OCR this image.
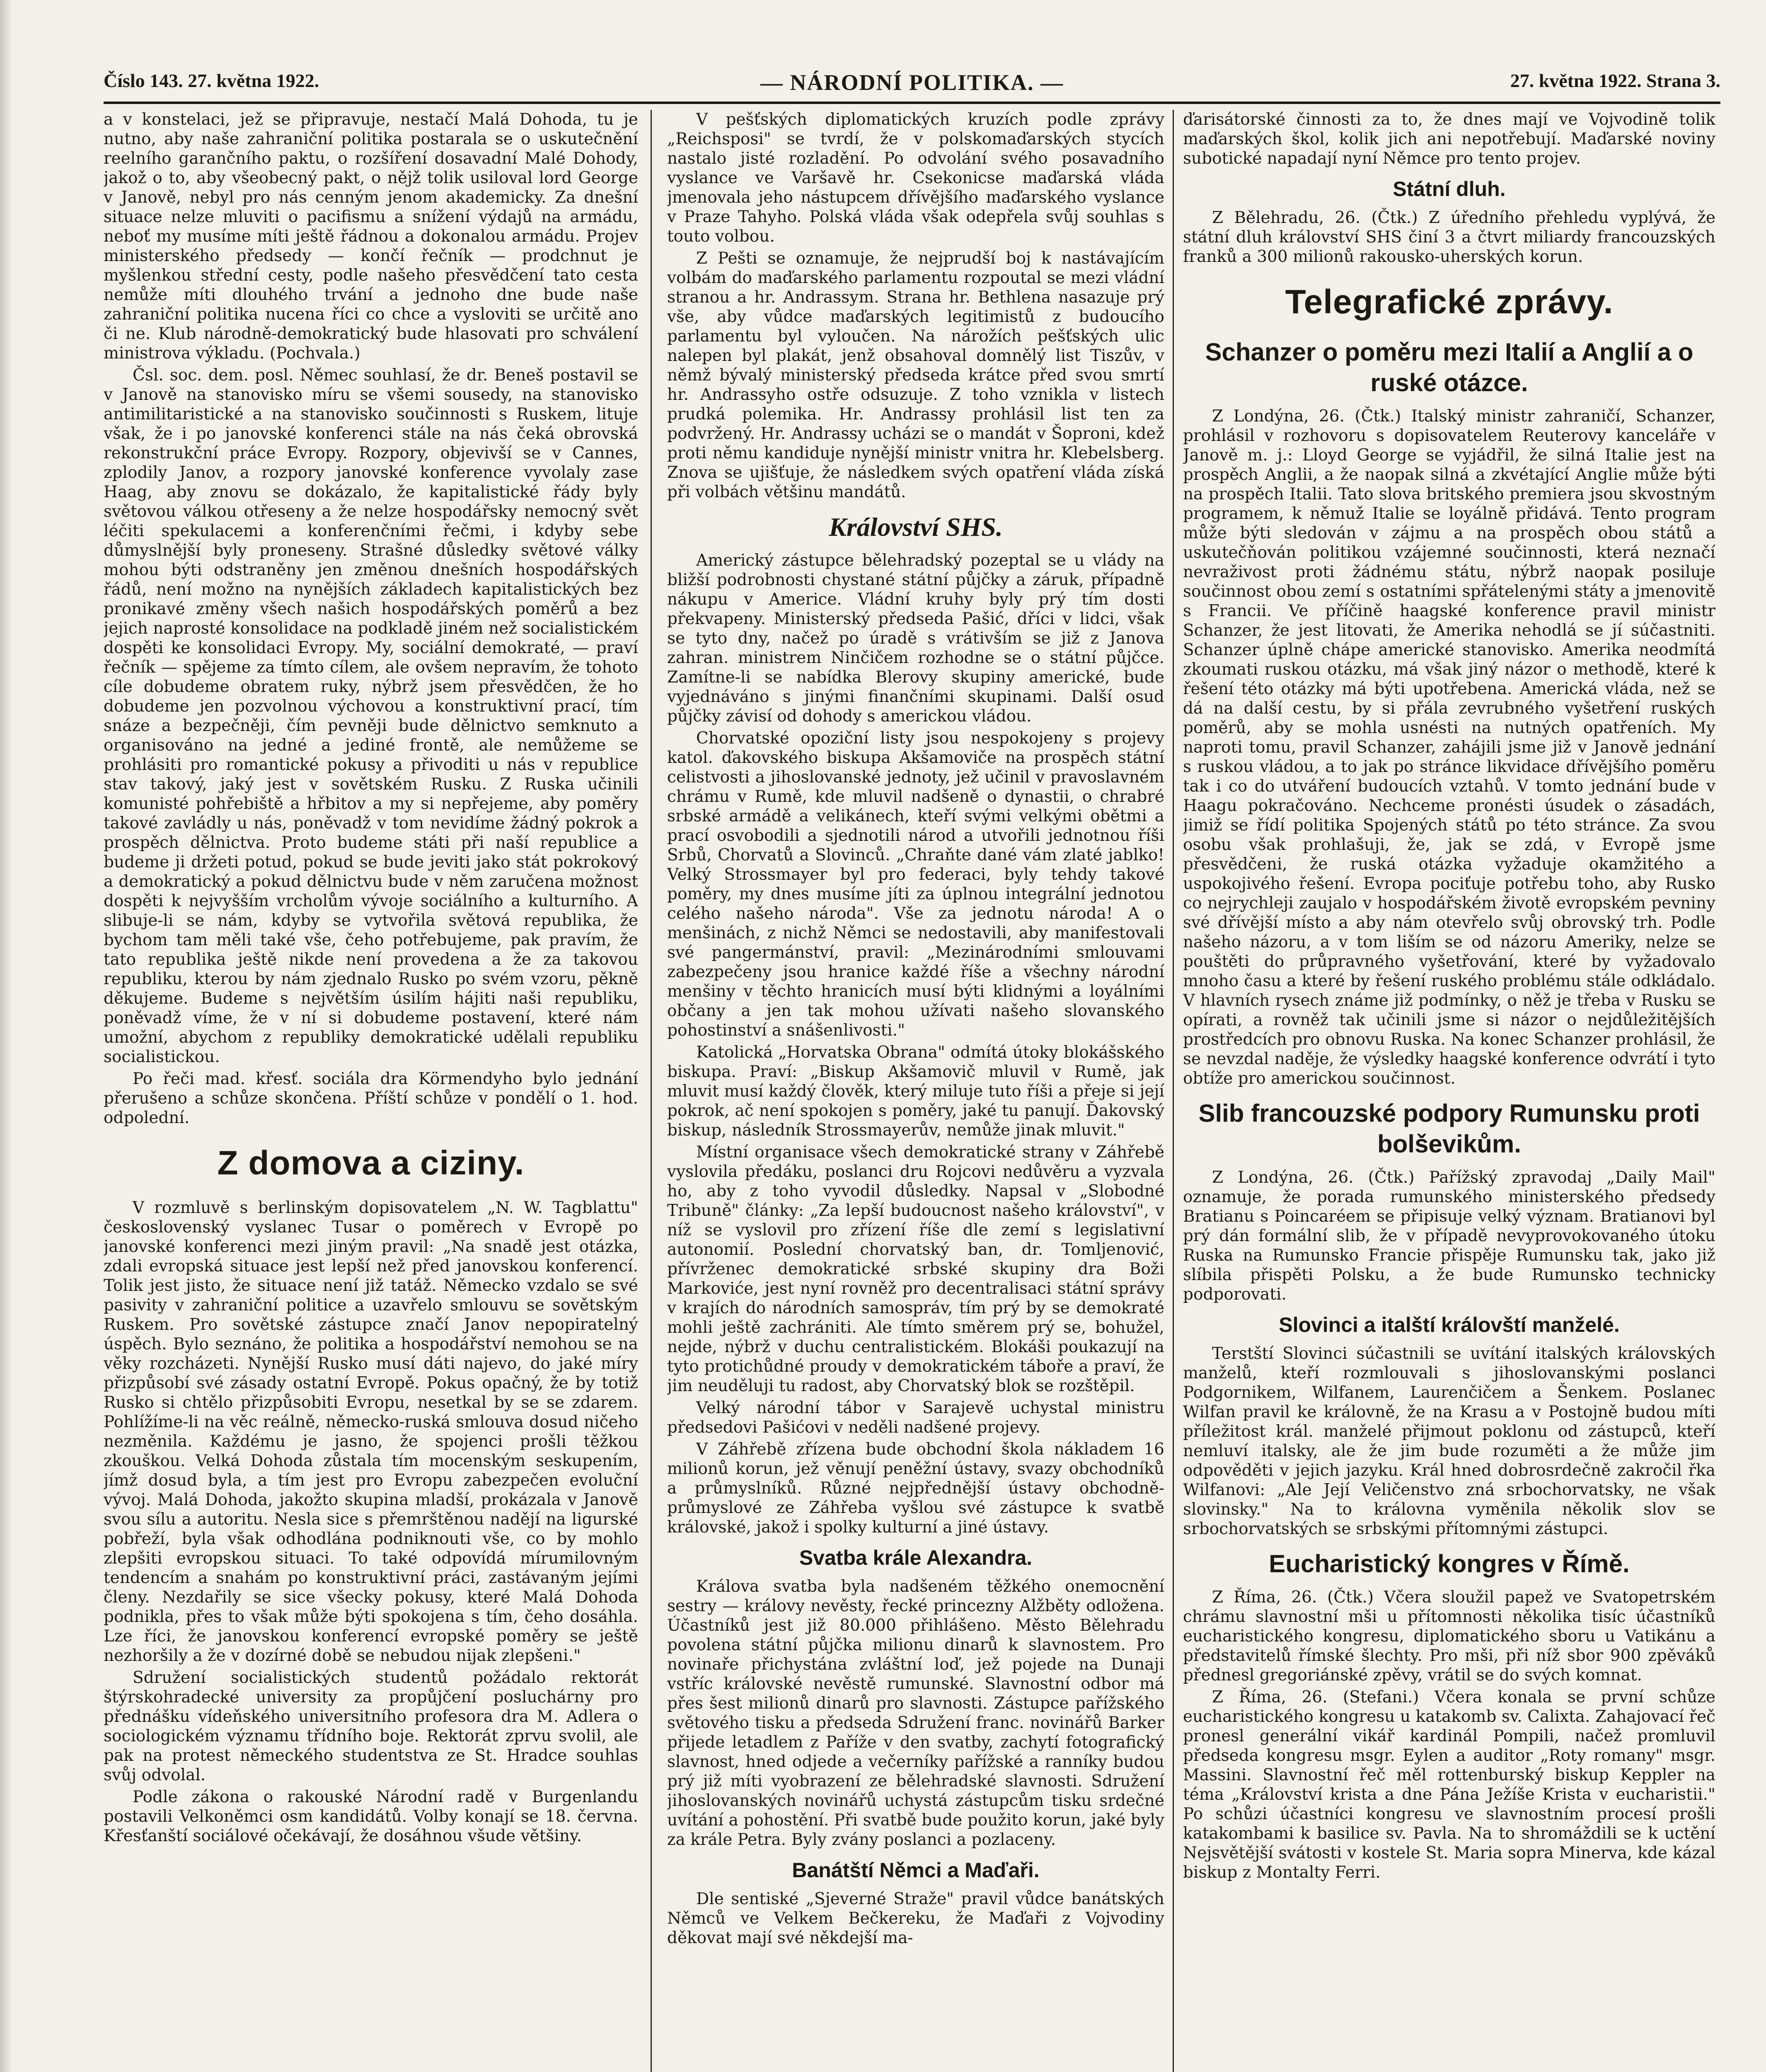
Číslo 143. 27. května 1922.	— NÁRODNÍ POLITIKA. —	27. května 1922. Strana 3.

a v konstelaci, jež se připravuje, nestačí Malá Dohoda, tu je nutno, aby naše zahraniční politika postarala se o uskutečnění reelního garančního paktu, o rozšíření dosavadní Malé Dohody, jakož o to, aby všeobecný pakt, o nějž tolik usiloval lord George v Janově, nebyl pro nás cenným jenom akademicky. Za dnešní situace nelze mluviti o pacifismu a snížení výdajů na armádu, neboť my musíme míti ještě řádnou a dokonalou armádu. Projev ministerského předsedy — končí řečník — prodchnut je myšlenkou střední cesty, podle našeho přesvědčení tato cesta nemůže míti dlouhého trvání a jednoho dne bude naše zahraniční politika nucena říci co chce a vysloviti se určitě ano či ne. Klub národně-demokratický bude hlasovati pro schválení ministrova výkladu. (Pochvala.)

Čsl. soc. dem. posl. Němec souhlasí, že dr. Beneš postavil se v Janově na stanovisko míru se všemi sousedy, na stanovisko antimilitaristické a na stanovisko součinnosti s Ruskem, lituje však, že i po janovské konferenci stále na nás čeká obrovská rekonstrukční práce Evropy. Rozpory, objevivší se v Cannes, zplodily Janov, a rozpory janovské konference vyvolaly zase Haag, aby znovu se dokázalo, že kapitalistické řády byly světovou válkou otřeseny a že nelze hospodářsky nemocný svět léčiti spekulacemi a konferenčními řečmi, i kdyby sebe důmyslnější byly proneseny. Strašné důsledky světové války mohou býti odstraněny jen změnou dnešních hospodářských řádů, není možno na nynějších základech kapitalistických bez pronikavé změny všech našich hospodářských poměrů a bez jejich naprosté konsolidace na podkladě jiném než socialistickém dospěti ke konsolidaci Evropy. My, sociální demokraté, — praví řečník — spějeme za tímto cílem, ale ovšem nepravím, že tohoto cíle dobudeme obratem ruky, nýbrž jsem přesvědčen, že ho dobudeme jen pozvolnou výchovou a konstruktivní prací, tím snáze a bezpečněji, čím pevněji bude dělnictvo semknuto a organisováno na jedné a jediné frontě, ale nemůžeme se prohlásiti pro romantické pokusy a přivoditi u nás v republice stav takový, jaký jest v sovětském Rusku. Z Ruska učinili komunisté pohřebiště a hřbitov a my si nepřejeme, aby poměry takové zavládly u nás, poněvadž v tom nevidíme žádný pokrok a prospěch dělnictva. Proto budeme státi při naší republice a budeme ji držeti potud, pokud se bude jeviti jako stát pokrokový a demokratický a pokud dělnictvu bude v něm zaručena možnost dospěti k nejvyšším vrcholům vývoje sociálního a kulturního. A slibuje-li se nám, kdyby se vytvořila světová republika, že bychom tam měli také vše, čeho potřebujeme, pak pravím, že tato republika ještě nikde není provedena a že za takovou republiku, kterou by nám zjednalo Rusko po svém vzoru, pěkně děkujeme. Budeme s největším úsilím hájiti naši republiku, poněvadž víme, že v ní si dobudeme postavení, které nám umožní, abychom z republiky demokratické udělali republiku socialistickou.

Po řeči mad. křesť. sociála dra Körmendyho bylo jednání přerušeno a schůze skončena. Příští schůze v pondělí o 1. hod. odpolední.

Z domova a ciziny.

V rozmluvě s berlinským dopisovatelem „N. W. Tagblattu" československý vyslanec Tusar o poměrech v Evropě po janovské konferenci mezi jiným pravil: „Na snadě jest otázka, zdali evropská situace jest lepší než před janovskou konferencí. Tolik jest jisto, že situace není již tatáž. Německo vzdalo se své pasivity v zahraniční politice a uzavřelo smlouvu se sovětským Ruskem. Pro sovětské zástupce značí Janov nepopiratelný úspěch. Bylo seznáno, že politika a hospodářství nemohou se na věky rozcházeti. Nynější Rusko musí dáti najevo, do jaké míry přizpůsobí své zásady ostatní Evropě. Pokus opačný, že by totiž Rusko si chtělo přizpůsobiti Evropu, nesetkal by se se zdarem. Pohlížíme-li na věc reálně, německo-ruská smlouva dosud ničeho nezměnila. Každému je jasno, že spojenci prošli těžkou zkouškou. Velká Dohoda zůstala tím mocenským seskupením, jímž dosud byla, a tím jest pro Evropu zabezpečen evoluční vývoj. Malá Dohoda, jakožto skupina mladší, prokázala v Janově svou sílu a autoritu. Nesla sice s přemrštěnou nadějí na ligurské pobřeží, byla však odhodlána podniknouti vše, co by mohlo zlepšiti evropskou situaci. To také odpovídá mírumilovným tendencím a snahám po konstruktivní práci, zastávaným jejími členy. Nezdařily se sice všecky pokusy, které Malá Dohoda podnikla, přes to však může býti spokojena s tím, čeho dosáhla. Lze říci, že janovskou konferencí evropské poměry se ještě nezhoršily a že v dozírné době se nebudou nijak zlepšeni."

Sdružení socialistických studentů požádalo rektorát štýrskohradecké university za propůjčení posluchárny pro přednášku vídeňského universitního profesora dra M. Adlera o sociologickém významu třídního boje. Rektorát zprvu svolil, ale pak na protest německého studentstva ze St. Hradce souhlas svůj odvolal.

Podle zákona o rakouské Národní radě v Burgenlandu postavili Velkoněmci osm kandidátů. Volby konají se 18. června. Křesťanští sociálové očekávají, že dosáhnou všude většiny.

V pešťských diplomatických kruzích podle zprávy „Reichsposi" se tvrdí, že v polskomaďarských stycích nastalo jisté rozladění. Po odvolání svého posavadního vyslance ve Varšavě hr. Csekonicse maďarská vláda jmenovala jeho nástupcem dřívějšího maďarského vyslance v Praze Tahyho. Polská vláda však odepřela svůj souhlas s touto volbou.

Z Pešti se oznamuje, že nejprudší boj k nastávajícím volbám do maďarského parlamentu rozpoutal se mezi vládní stranou a hr. Andrassym. Strana hr. Bethlena nasazuje prý vše, aby vůdce maďarských legitimistů z budoucího parlamentu byl vyloučen. Na nárožích pešťských ulic nalepen byl plakát, jenž obsahoval domnělý list Tiszův, v němž bývalý ministerský předseda krátce před svou smrtí hr. Andrassyho ostře odsuzuje. Z toho vznikla v listech prudká polemika. Hr. Andrassy prohlásil list ten za podvržený. Hr. Andrassy ucházi se o mandát v Šoproni, kdež proti němu kandiduje nynější ministr vnitra hr. Klebelsberg. Znova se ujišťuje, že následkem svých opatření vláda získá při volbách většinu mandátů.

Království SHS.

Americký zástupce bělehradský pozeptal se u vlády na bližší podrobnosti chystané státní půjčky a záruk, případně nákupu v Americe. Vládní kruhy byly prý tím dosti překvapeny. Ministerský předseda Pašić, dříci v lidci, však se tyto dny, načež po úradě s vrátivším se již z Janova zahran. ministrem Ninčičem rozhodne se o státní půjčce. Zamítne-li se nabídka Blerovy skupiny americké, bude vyjednáváno s jinými finančními skupinami. Další osud půjčky závisí od dohody s americkou vládou.

Chorvatské opoziční listy jsou nespokojeny s projevy katol. ďakovského biskupa Akšamoviče na prospěch státní celistvosti a jihoslovanské jednoty, jež učinil v pravoslavném chrámu v Rumě, kde mluvil nadšeně o dynastii, o chrabré srbské armádě a velikánech, kteří svými velkými obětmi a prací osvobodili a sjednotili národ a utvořili jednotnou říši Srbů, Chorvatů a Slovinců. „Chraňte dané vám zlaté jablko! Velký Strossmayer byl pro federaci, byly tehdy takové poměry, my dnes musíme jíti za úplnou integrální jednotou celého našeho národa". Vše za jednotu národa! A o menšinách, z nichž Němci se nedostavili, aby manifestovali své pangermánství, pravil: „Mezinárodními smlouvami zabezpečeny jsou hranice každé říše a všechny národní menšiny v těchto hranicích musí býti klidnými a loyálními občany a jen tak mohou užívati našeho slovanského pohostinství a snášenlivosti."

Katolická „Horvatska Obrana" odmítá útoky blokášského biskupa. Praví: „Biskup Akšamovič mluvil v Rumě, jak mluvit musí každý člověk, který miluje tuto říši a přeje si její pokrok, ač není spokojen s poměry, jaké tu panují. Ďakovský biskup, následník Strossmayerův, nemůže jinak mluvit."

Místní organisace všech demokratické strany v Záhřebě vyslovila předáku, poslanci dru Rojcovi nedůvěru a vyzvala ho, aby z toho vyvodil důsledky. Napsal v „Slobodné Tribuně" články: „Za lepší budoucnost našeho království", v níž se vyslovil pro zřízení říše dle zemí s legislativní autonomií. Poslední chorvatský ban, dr. Tomljenović, přívrženec demokratické srbské skupiny dra Boži Markoviće, jest nyní rovněž pro decentralisaci státní správy v krajích do národních samospráv, tím prý by se demokraté mohli ještě zachrániti. Ale tímto směrem prý se, bohužel, nejde, nýbrž v duchu centralistickém. Blokáši poukazují na tyto protichůdné proudy v demokratickém táboře a praví, že jim neuděluji tu radost, aby Chorvatský blok se rozštěpil.

Velký národní tábor v Sarajevě uchystal ministru předsedovi Pašićovi v neděli nadšené projevy.

V Záhřebě zřízena bude obchodní škola nákladem 16 milionů korun, jež věnují peněžní ústavy, svazy obchodníků a průmyslníků. Různé nejpřednější ústavy obchodně-průmyslové ze Záhřeba vyšlou své zástupce k svatbě královské, jakož i spolky kulturní a jiné ústavy.

Svatba krále Alexandra.

Králova svatba byla nadšeném těžkého onemocnění sestry — královy nevěsty, řecké princezny Alžběty odložena. Účastníků jest již 80.000 přihlášeno. Město Bělehradu povolena státní půjčka milionu dinarů k slavnostem. Pro novinaře přichystána zvláštní loď, jež pojede na Dunaji vstříc královské nevěstě rumunské. Slavnostní odbor má přes šest milionů dinarů pro slavnosti. Zástupce pařížského světového tisku a předseda Sdružení franc. novinářů Barker přijede letadlem z Paříže v den svatby, zachytí fotografický slavnost, hned odjede a večerníky pařížské a ranníky budou prý již míti vyobrazení ze bělehradské slavnosti. Sdružení jihoslovanských novinářů uchystá zástupcům tisku srdečné uvítání a pohostění. Při svatbě bude použito korun, jaké byly za krále Petra. Byly zvány poslanci a pozlaceny.

Banátští Němci a Maďaři.

Dle sentiské „Sjeverné Straže" pravil vůdce banátských Němců ve Velkem Bečkereku, že Maďaři z Vojvodiny děkovat mají své někdejší ma-

ďarisátorské činnosti za to, že dnes mají ve Vojvodině tolik maďarských škol, kolik jich ani nepotřebují. Maďarské noviny subotické napadají nyní Němce pro tento projev.

Státní dluh.

Z Bělehradu, 26. (Čtk.) Z úředního přehledu vyplývá, že státní dluh království SHS činí 3 a čtvrt miliardy francouzských franků a 300 milionů rakousko-uherských korun.

Telegrafické zprávy.
Schanzer o poměru mezi Italií a Anglií a o ruské otázce.

Z Londýna, 26. (Čtk.) Italský ministr zahraničí, Schanzer, prohlásil v rozhovoru s dopisovatelem Reuterovy kanceláře v Janově m. j.: Lloyd George se vyjádřil, že silná Italie jest na prospěch Anglii, a že naopak silná a zkvétající Anglie může býti na prospěch Italii. Tato slova britského premiera jsou skvostným programem, k němuž Italie se loyálně přidává. Tento program může býti sledován v zájmu a na prospěch obou států a uskutečňován politikou vzájemné součinnosti, která neznačí nevraživost proti žádnému státu, nýbrž naopak posiluje součinnost obou zemí s ostatními spřátelenými státy a jmenovitě s Francii. Ve příčině haagské konference pravil ministr Schanzer, že jest litovati, že Amerika nehodlá se jí súčastniti. Schanzer úplně chápe americké stanovisko. Amerika neodmítá zkoumati ruskou otázku, má však jiný názor o methodě, které k řešení této otázky má býti upotřebena. Americká vláda, než se dá na další cestu, by si přála zevrubného vyšetření ruských poměrů, aby se mohla usnésti na nutných opatřeních. My naproti tomu, pravil Schanzer, zahájili jsme již v Janově jednání s ruskou vládou, a to jak po stránce likvidace dřívějšího poměru tak i co do utváření budoucích vztahů. V tomto jednání bude v Haagu pokračováno. Nechceme pronésti úsudek o zásadách, jimiž se řídí politika Spojených států po této stránce. Za svou osobu však prohlašuji, že, jak se zdá, v Evropě jsme přesvědčeni, že ruská otázka vyžaduje okamžitého a uspokojivého řešení. Evropa pociťuje potřebu toho, aby Rusko co nejrychleji zaujalo v hospodářském životě evropském pevniny své dřívější místo a aby nám otevřelo svůj obrovský trh. Podle našeho názoru, a v tom liším se od názoru Ameriky, nelze se pouštěti do průpravného vyšetřování, které by vyžadovalo mnoho času a které by řešení ruského problému stále odkládalo. V hlavních rysech známe již podmínky, o něž je třeba v Rusku se opírati, a rovněž tak učinili jsme si názor o nejdůležitějších prostředcích pro obnovu Ruska. Na konec Schanzer prohlásil, že se nevzdal naděje, že výsledky haagské konference odvrátí i tyto obtíže pro americkou součinnost.

Slib francouzské podpory Rumunsku proti bolševikům.

Z Londýna, 26. (Čtk.) Pařížský zpravodaj „Daily Mail" oznamuje, že porada rumunského ministerského předsedy Bratianu s Poincaréem se připisuje velký význam. Bratianovi byl prý dán formální slib, že v případě nevyprovokovaného útoku Ruska na Rumunsko Francie přispěje Rumunsku tak, jako již slíbila přispěti Polsku, a že bude Rumunsko technicky podporovati.

Slovinci a italští královští manželé.

Terstští Slovinci súčastnili se uvítání italských královských manželů, kteří rozmlouvali s jihoslovanskými poslanci Podgornikem, Wilfanem, Laurenčičem a Šenkem. Poslanec Wilfan pravil ke královně, že na Krasu a v Postojně budou míti příležitost král. manželé přijmout poklonu od zástupců, kteří nemluví italsky, ale že jim bude rozuměti a že může jim odpověděti v jejich jazyku. Král hned dobrosrdečně zakročil řka Wilfanovi: „Ale Její Veličenstvo zná srbochorvatsky, ne však slovinsky." Na to královna vyměnila několik slov se srbochorvatských se srbskými přítomnými zástupci.

Eucharistický kongres v Římě.

Z Říma, 26. (Čtk.) Včera sloužil papež ve Svatopetrském chrámu slavnostní mši u přítomnosti několika tisíc účastníků eucharistického kongresu, diplomatického sboru u Vatikánu a představitelů římské šlechty. Pro mši, při níž sbor 900 zpěváků přednesl gregoriánské zpěvy, vrátil se do svých komnat.

Z Říma, 26. (Stefani.) Včera konala se první schůze eucharistického kongresu u katakomb sv. Calixta. Zahajovací řeč pronesl generální vikář kardinál Pompili, načež promluvil předseda kongresu msgr. Eylen a auditor „Roty romany" msgr. Massini. Slavnostní řeč měl rottenburský biskup Keppler na téma „Království krista a dne Pána Ježíše Krista v eucharistii." Po schůzi účastníci kongresu ve slavnostním procesí prošli katakombami k basilice sv. Pavla. Na to shromáždili se k uctění Nejsvětější svátosti v kostele St. Maria sopra Minerva, kde kázal biskup z Montalty Ferri.
